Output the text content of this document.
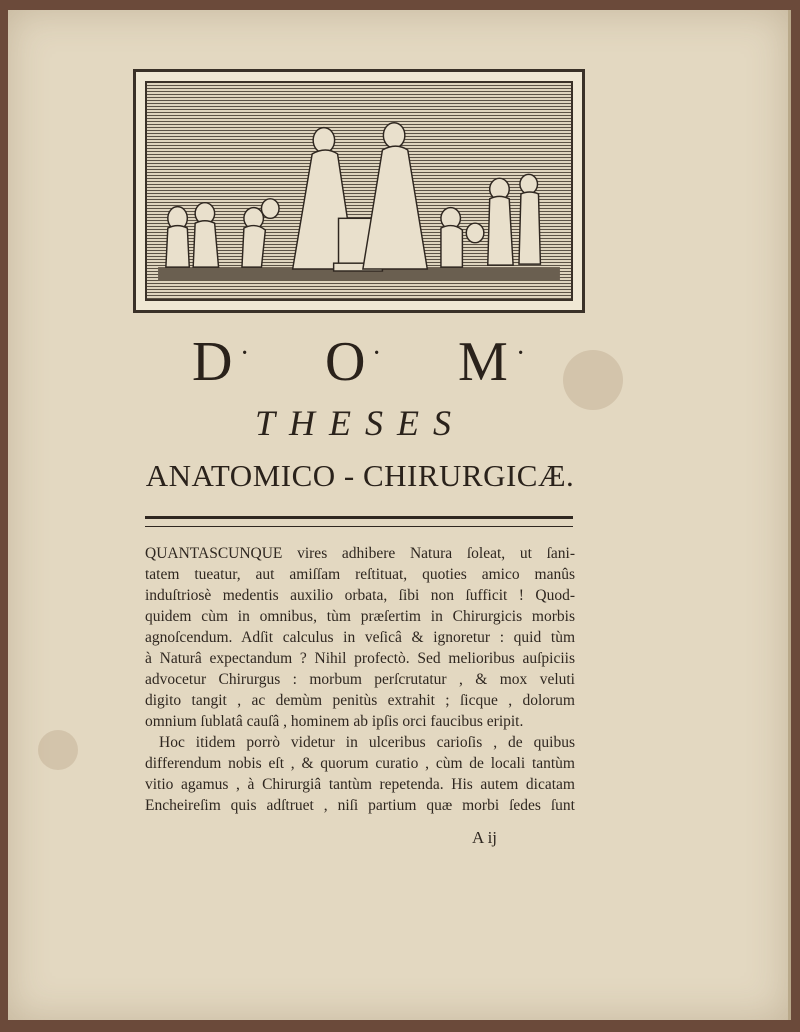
D · O · M ·
THESES
ANATOMICO - CHIRURGICÆ.
QUANTASCUNQUE vires adhibere Natura ſoleat, ut ſani-
tatem tueatur, aut amiſſam reſtituat, quoties amico manûs
induſtriosè medentis auxilio orbata, ſibi non ſufficit ! Quod-
quidem cùm in omnibus, tùm præſertim in Chirurgicis morbis
agnoſcendum. Adſit calculus in veſicâ & ignoretur : quid tùm
à Naturâ expectandum ? Nihil profectò. Sed melioribus auſpiciis
advocetur Chirurgus : morbum perſcrutatur , & mox veluti
digito tangit , ac demùm penitùs extrahit ; ſicque , dolorum
omnium ſublatâ cauſâ , hominem ab ipſis orci faucibus eripit.
Hoc itidem porrò videtur in ulceribus carioſis , de quibus
differendum nobis eſt , & quorum curatio , cùm de locali tantùm
vitio agamus , à Chirurgiâ tantùm repetenda. His autem dicatam
Encheireſim quis adſtruet , niſi partium quæ morbi ſedes ſunt
A ij
